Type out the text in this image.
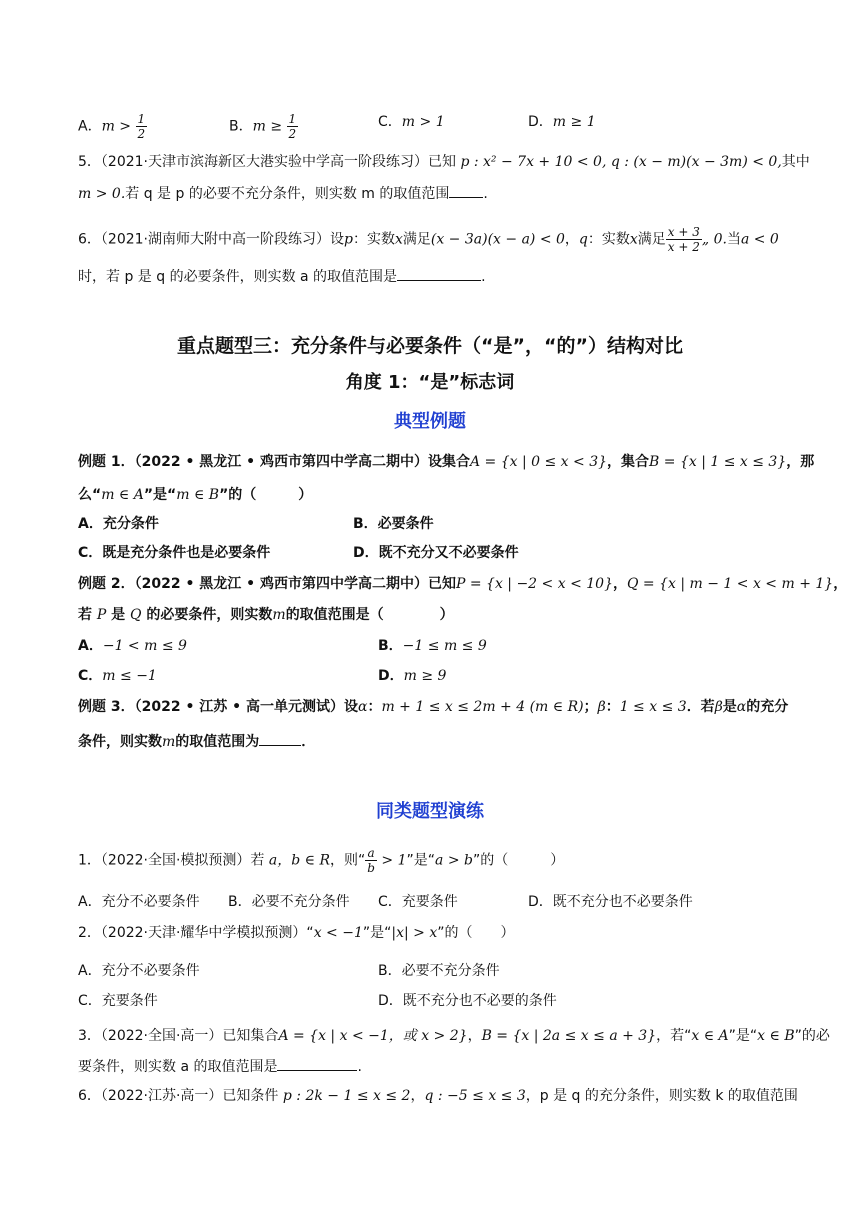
A．$m > \frac{1}{2}$	B．$m \ge \frac{1}{2}$	C．m > 1	D．m ≥ 1
5．（2021·天津市滨海新区大港实验中学高一阶段练习）已知 p : x² − 7x + 10 < 0, q : (x − m)(x − 3m) < 0,其中
m > 0.若 q 是 p 的必要不充分条件，则实数 m 的取值范围 .
6．（2021·湖南师大附中高一阶段练习）设p：实数x满足(x − 3a)(x − a) < 0，q：实数x满足 $\frac{x + 3}{x + 2}$ „ 0.当a < 0
时，若 p 是 q 的必要条件，则实数 a 的取值范围是	.
重点题型三：充分条件与必要条件（“是”，“的”）结构对比
角度 1：“是”标志词
典型例题
例题 1．（2022 • 黑龙江 • 鸡西市第四中学高二期中）设集合A = {x | 0 ≤ x < 3}，集合B = {x | 1 ≤ x ≤ 3}，那
么“m ∈ A”是“m ∈ B”的（　　　）
A．充分条件	B．必要条件
C．既是充分条件也是必要条件	D．既不充分又不必要条件
例题 2．（2022 • 黑龙江 • 鸡西市第四中学高二期中）已知P = {x | −2 < x < 10}，Q = {x | m − 1 < x < m + 1}，
若 P 是 Q 的必要条件，则实数m的取值范围是（　　　　）
A．−1 < m ≤ 9	B．−1 ≤ m ≤ 9
C．m ≤ −1	D．m ≥ 9
例题 3．（2022 • 江苏 • 高一单元测试）设α：m + 1 ≤ x ≤ 2m + 4 (m ∈ R)；β：1 ≤ x ≤ 3．若β是α的充分
条件，则实数m的取值范围为	．
同类题型演练
1．（2022·全国·模拟预测）若 a，b ∈ R，则“ $\frac{a}{b} > 1$”是“a > b”的（　　　）
A．充分不必要条件 B．必要不充分条件 C．充要条件	D．既不充分也不必要条件
2．（2022·天津·耀华中学模拟预测）“x < −1”是“|x| > x”的（　　）
A．充分不必要条件	B．必要不充分条件
C．充要条件	D．既不充分也不必要的条件
3．（2022·全国·高一）已知集合A = {x | x < −1，或 x > 2}，B = {x | 2a ≤ x ≤ a + 3}，若“x ∈ A”是“x ∈ B”的必
要条件，则实数 a 的取值范围是	.
6．（2022·江苏·高一）已知条件 p : 2k − 1 ≤ x ≤ 2，q : −5 ≤ x ≤ 3，p 是 q 的充分条件，则实数 k 的取值范围
